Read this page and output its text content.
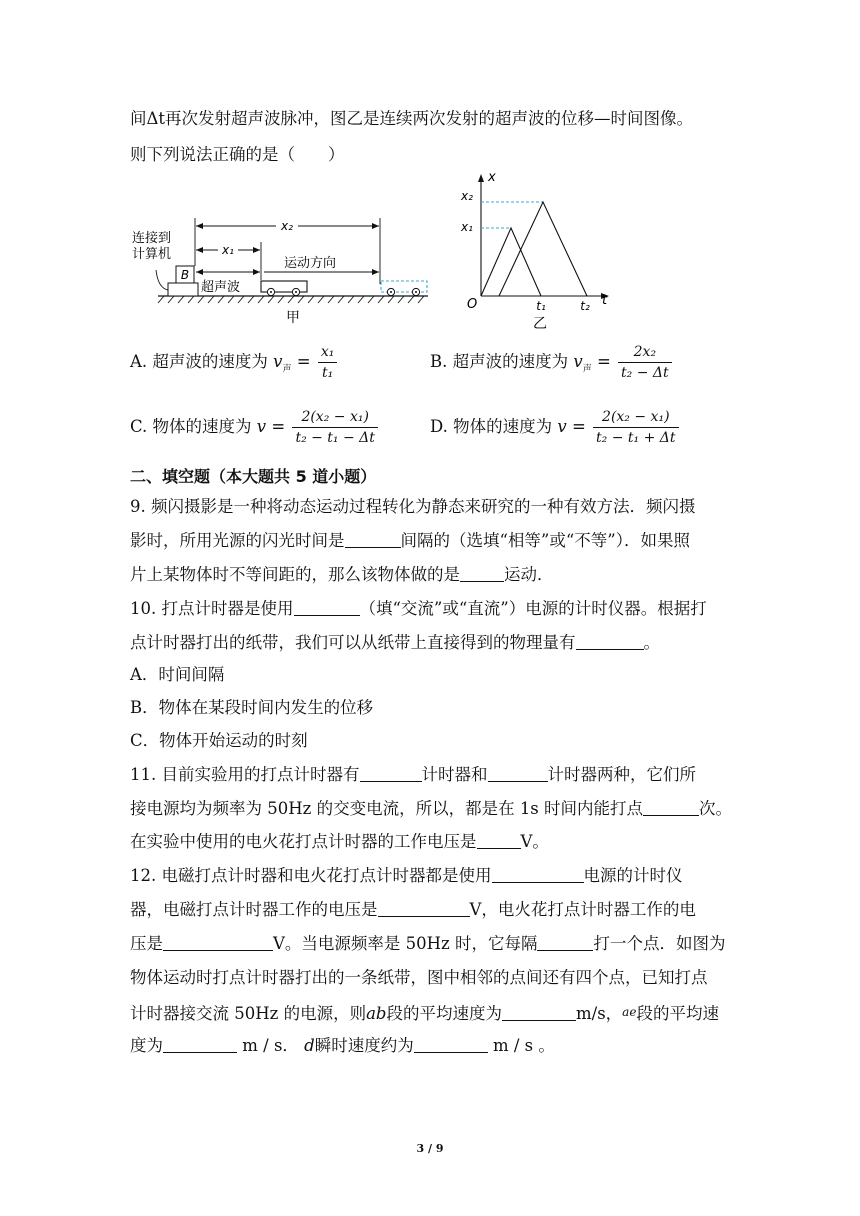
间Δt再次发射超声波脉冲，图乙是连续两次发射的超声波的位移—时间图像。
则下列说法正确的是（　　）
B
连接到
计算机
x₂
x₁
超声波
运动方向
甲
x
t
O
x₂
x₁
t₁	t₂
乙
A. 超声波的速度为 $v_声 = \frac{\text{x₁}}{\text{t₁}}$	B. 超声波的速度为 $v_声 = \frac{\text{2x₂}}{\text{t₂ − Δt}}$
C. 物体的速度为 $v = \frac{\text{2(x₂ − x₁)}}{\text{t₂ − t₁ − Δt}}$	D. 物体的速度为 $v = \frac{\text{2(x₂ − x₁)}}{\text{t₂ − t₁ + Δt}}$
二、填空题（本大题共 5 道小题）
9. 频闪摄影是一种将动态运动过程转化为静态来研究的一种有效方法．频闪摄
影时，所用光源的闪光时间是	间隔的（选填“相等”或“不等”）．如果照
片上某物体时不等间距的，那么该物体做的是	运动．
10. 打点计时器是使用	（填“交流”或“直流”）电源的计时仪器。根据打
点计时器打出的纸带，我们可以从纸带上直接得到的物理量有	。
A．时间间隔
B．物体在某段时间内发生的位移
C．物体开始运动的时刻
11. 目前实验用的打点计时器有	计时器和	计时器两种，它们所
接电源均为频率为 50Hz 的交变电流，所以，都是在 1s 时间内能打点	次。
在实验中使用的电火花打点计时器的工作电压是	V。
12. 电磁打点计时器和电火花打点计时器都是使用	电源的计时仪
器，电磁打点计时器工作的电压是	V，电火花打点计时器工作的电
压是	V。当电源频率是 50Hz 时，它每隔	打一个点．如图为
物体运动时打点计时器打出的一条纸带，图中相邻的点间还有四个点，已知打点
计时器接交流 50Hz 的电源，则ab段的平均速度为	m/s，ae段的平均速
度为	m / s． d瞬时速度约为	m / s 。
3 / 9
